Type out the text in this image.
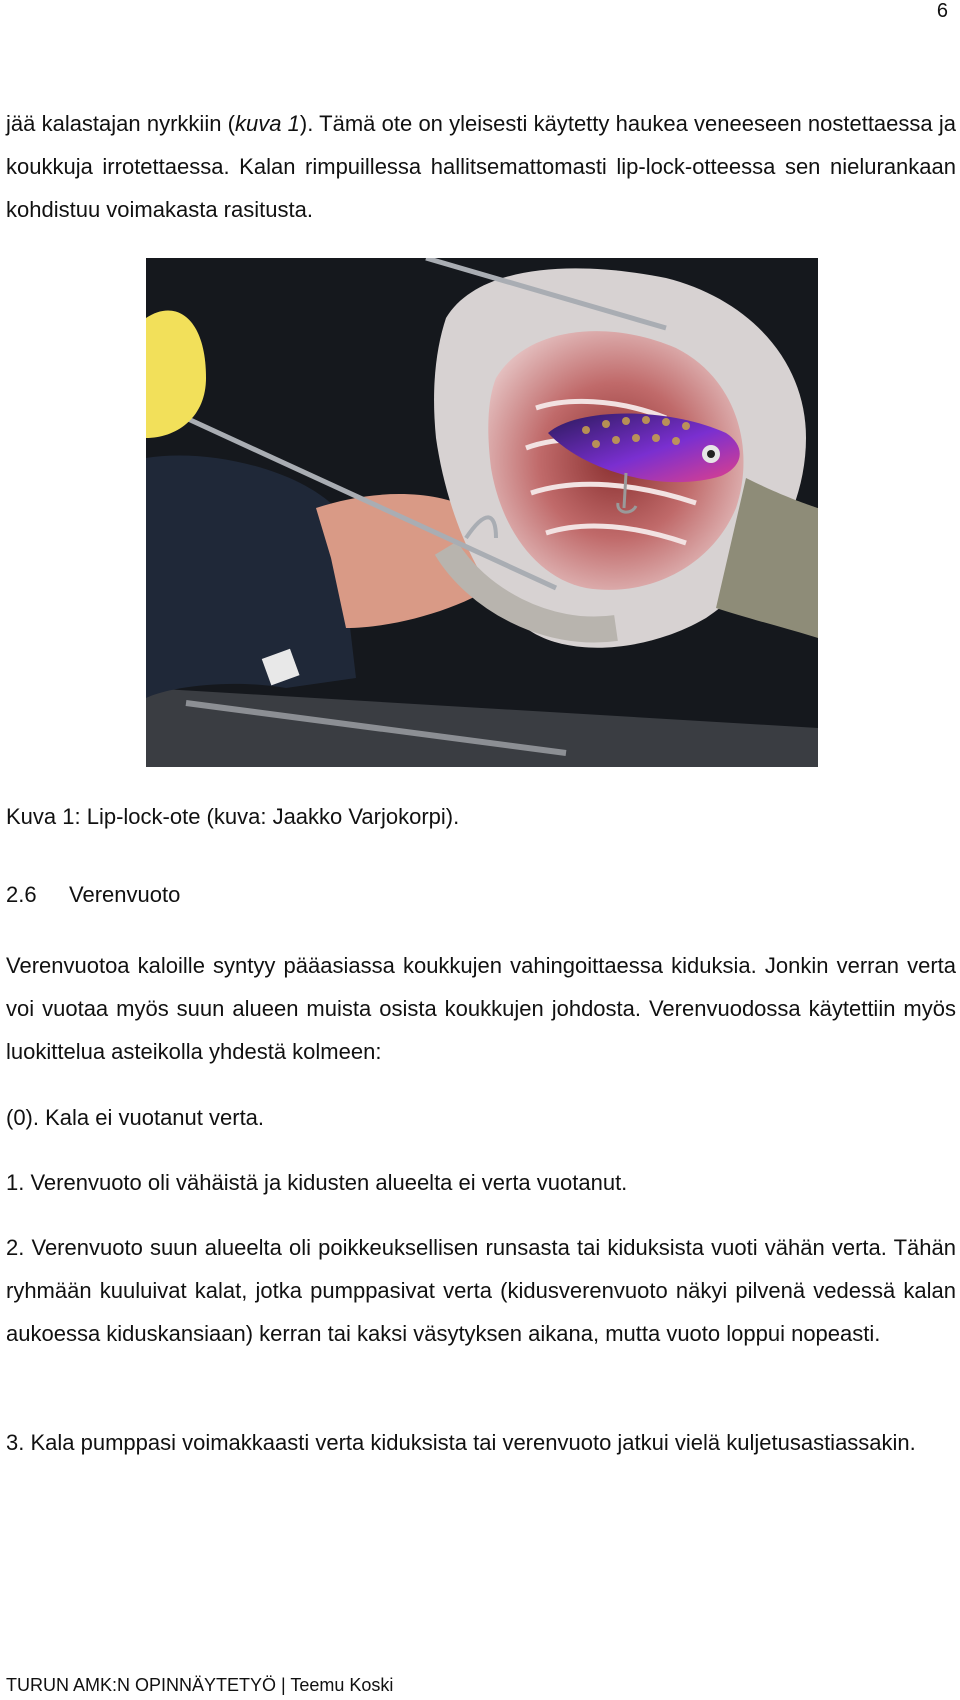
6

jää kalastajan nyrkkiin (kuva 1). Tämä ote on yleisesti käytetty haukea veneeseen nostettaessa ja koukkuja irrotettaessa. Kalan rimpuillessa hallitsemattomasti lip-lock-otteessa sen nielurankaan kohdistuu voimakasta rasitusta.

Kuva 1: Lip-lock-ote (kuva: Jaakko Varjokorpi).
2.6 Verenvuoto

Verenvuotoa kaloille syntyy pääasiassa koukkujen vahingoittaessa kiduksia. Jonkin verran verta voi vuotaa myös suun alueen muista osista koukkujen johdosta. Verenvuodossa käytettiin myös luokittelua asteikolla yhdestä kolmeen:

(0). Kala ei vuotanut verta.

1. Verenvuoto oli vähäistä ja kidusten alueelta ei verta vuotanut.

2. Verenvuoto suun alueelta oli poikkeuksellisen runsasta tai kiduksista vuoti vähän verta. Tähän ryhmään kuuluivat kalat, jotka pumppasivat verta (kidusverenvuoto näkyi pilvenä vedessä kalan aukoessa kiduskansiaan) kerran tai kaksi väsytyksen aikana, mutta vuoto loppui nopeasti.

3. Kala pumppasi voimakkaasti verta kiduksista tai verenvuoto jatkui vielä kuljetusastiassakin.

TURUN AMK:N OPINNÄYTETYÖ | Teemu Koski
